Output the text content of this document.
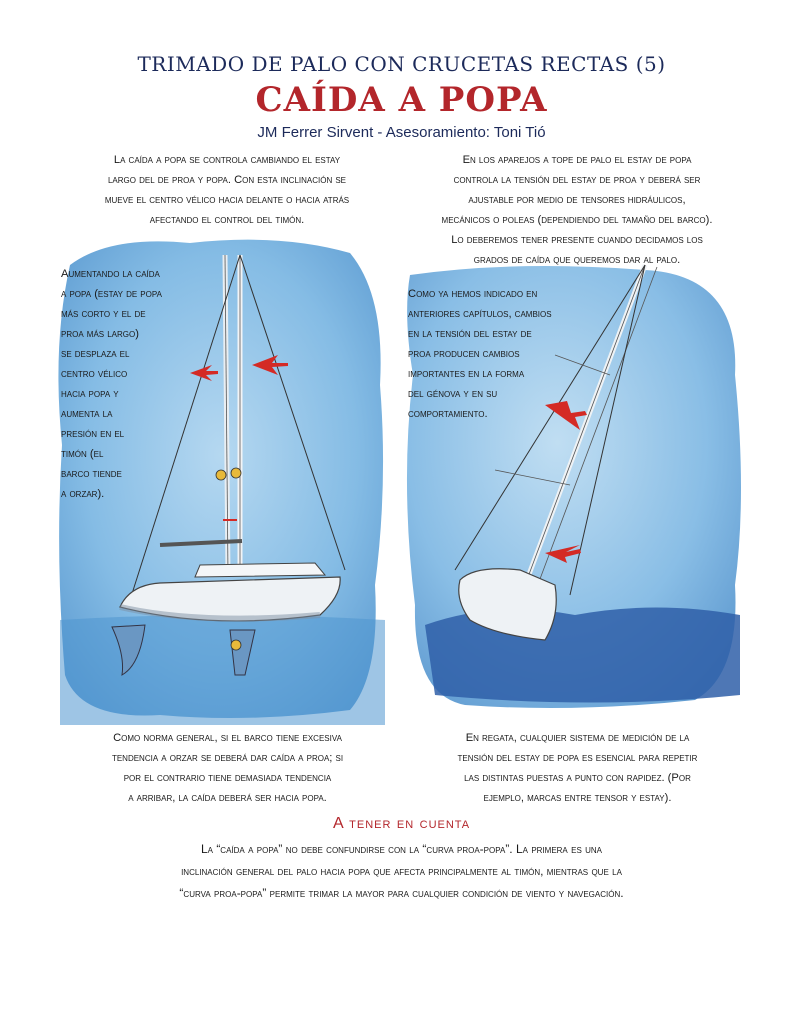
TRIMADO DE PALO CON CRUCETAS RECTAS (5)
CAÍDA A POPA
JM Ferrer Sirvent - Asesoramiento: Toni Tió
La caída a popa se controla cambiando el estay
largo del de proa y popa. Con esta inclinación se
mueve el centro vélico hacia delante o hacia atrás
afectando el control del timón.
En los aparejos a tope de palo el estay de popa
controla la tensión del estay de proa y deberá ser
ajustable por medio de tensores hidráulicos,
mecánicos o poleas (dependiendo del tamaño del barco).
Lo deberemos tener presente cuando decidamos los
grados de caída que queremos dar al palo.
Aumentando la caída
a popa (estay de popa
más corto y el de
proa más largo)
se desplaza el
centro vélico
hacia popa y
aumenta la
presión en el
timón (el
barco tiende
a orzar).
Como ya hemos indicado en
anteriores capítulos, cambios
en la tensión del estay de
proa producen cambios
importantes en la forma
del génova y en su
comportamiento.
Como norma general, si el barco tiene excesiva
tendencia a orzar se deberá dar caída a proa; si
por el contrario tiene demasiada tendencia
a arribar, la caída deberá ser hacia popa.
En regata, cualquier sistema de medición de la
tensión del estay de popa es esencial para repetir
las distintas puestas a punto con rapidez. (Por
ejemplo, marcas entre tensor y estay).
A tener en cuenta
La “caída a popa” no debe confundirse con la “curva proa-popa”. La primera es una
inclinación general del palo hacia popa que afecta principalmente al timón, mientras que la
“curva proa-popa” permite trimar la mayor para cualquier condición de viento y navegación.
